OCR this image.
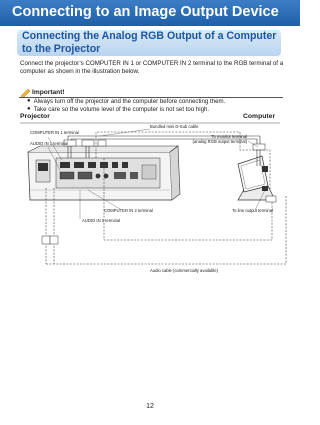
Connecting to an Image Output Device
Connecting the Analog RGB Output of a Computer to the Projector
Connect the projector’s COMPUTER IN 1 or COMPUTER IN 2 terminal to the RGB terminal of a computer as shown in the illustration below.
Important!
● Always turn off the projector and the computer before connecting them.
● Take care so the volume level of the computer is not set too high.
Projector	Computer
Bundled mini D-Sub cable
COMPUTER IN 1 terminal
AUDIO IN 1 terminal
To monitor terminal
(analog RGB output terminal)
COMPUTER IN 2 terminal
AUDIO IN 2 terminal
To line output terminal
Audio cable (commercially available)
12
